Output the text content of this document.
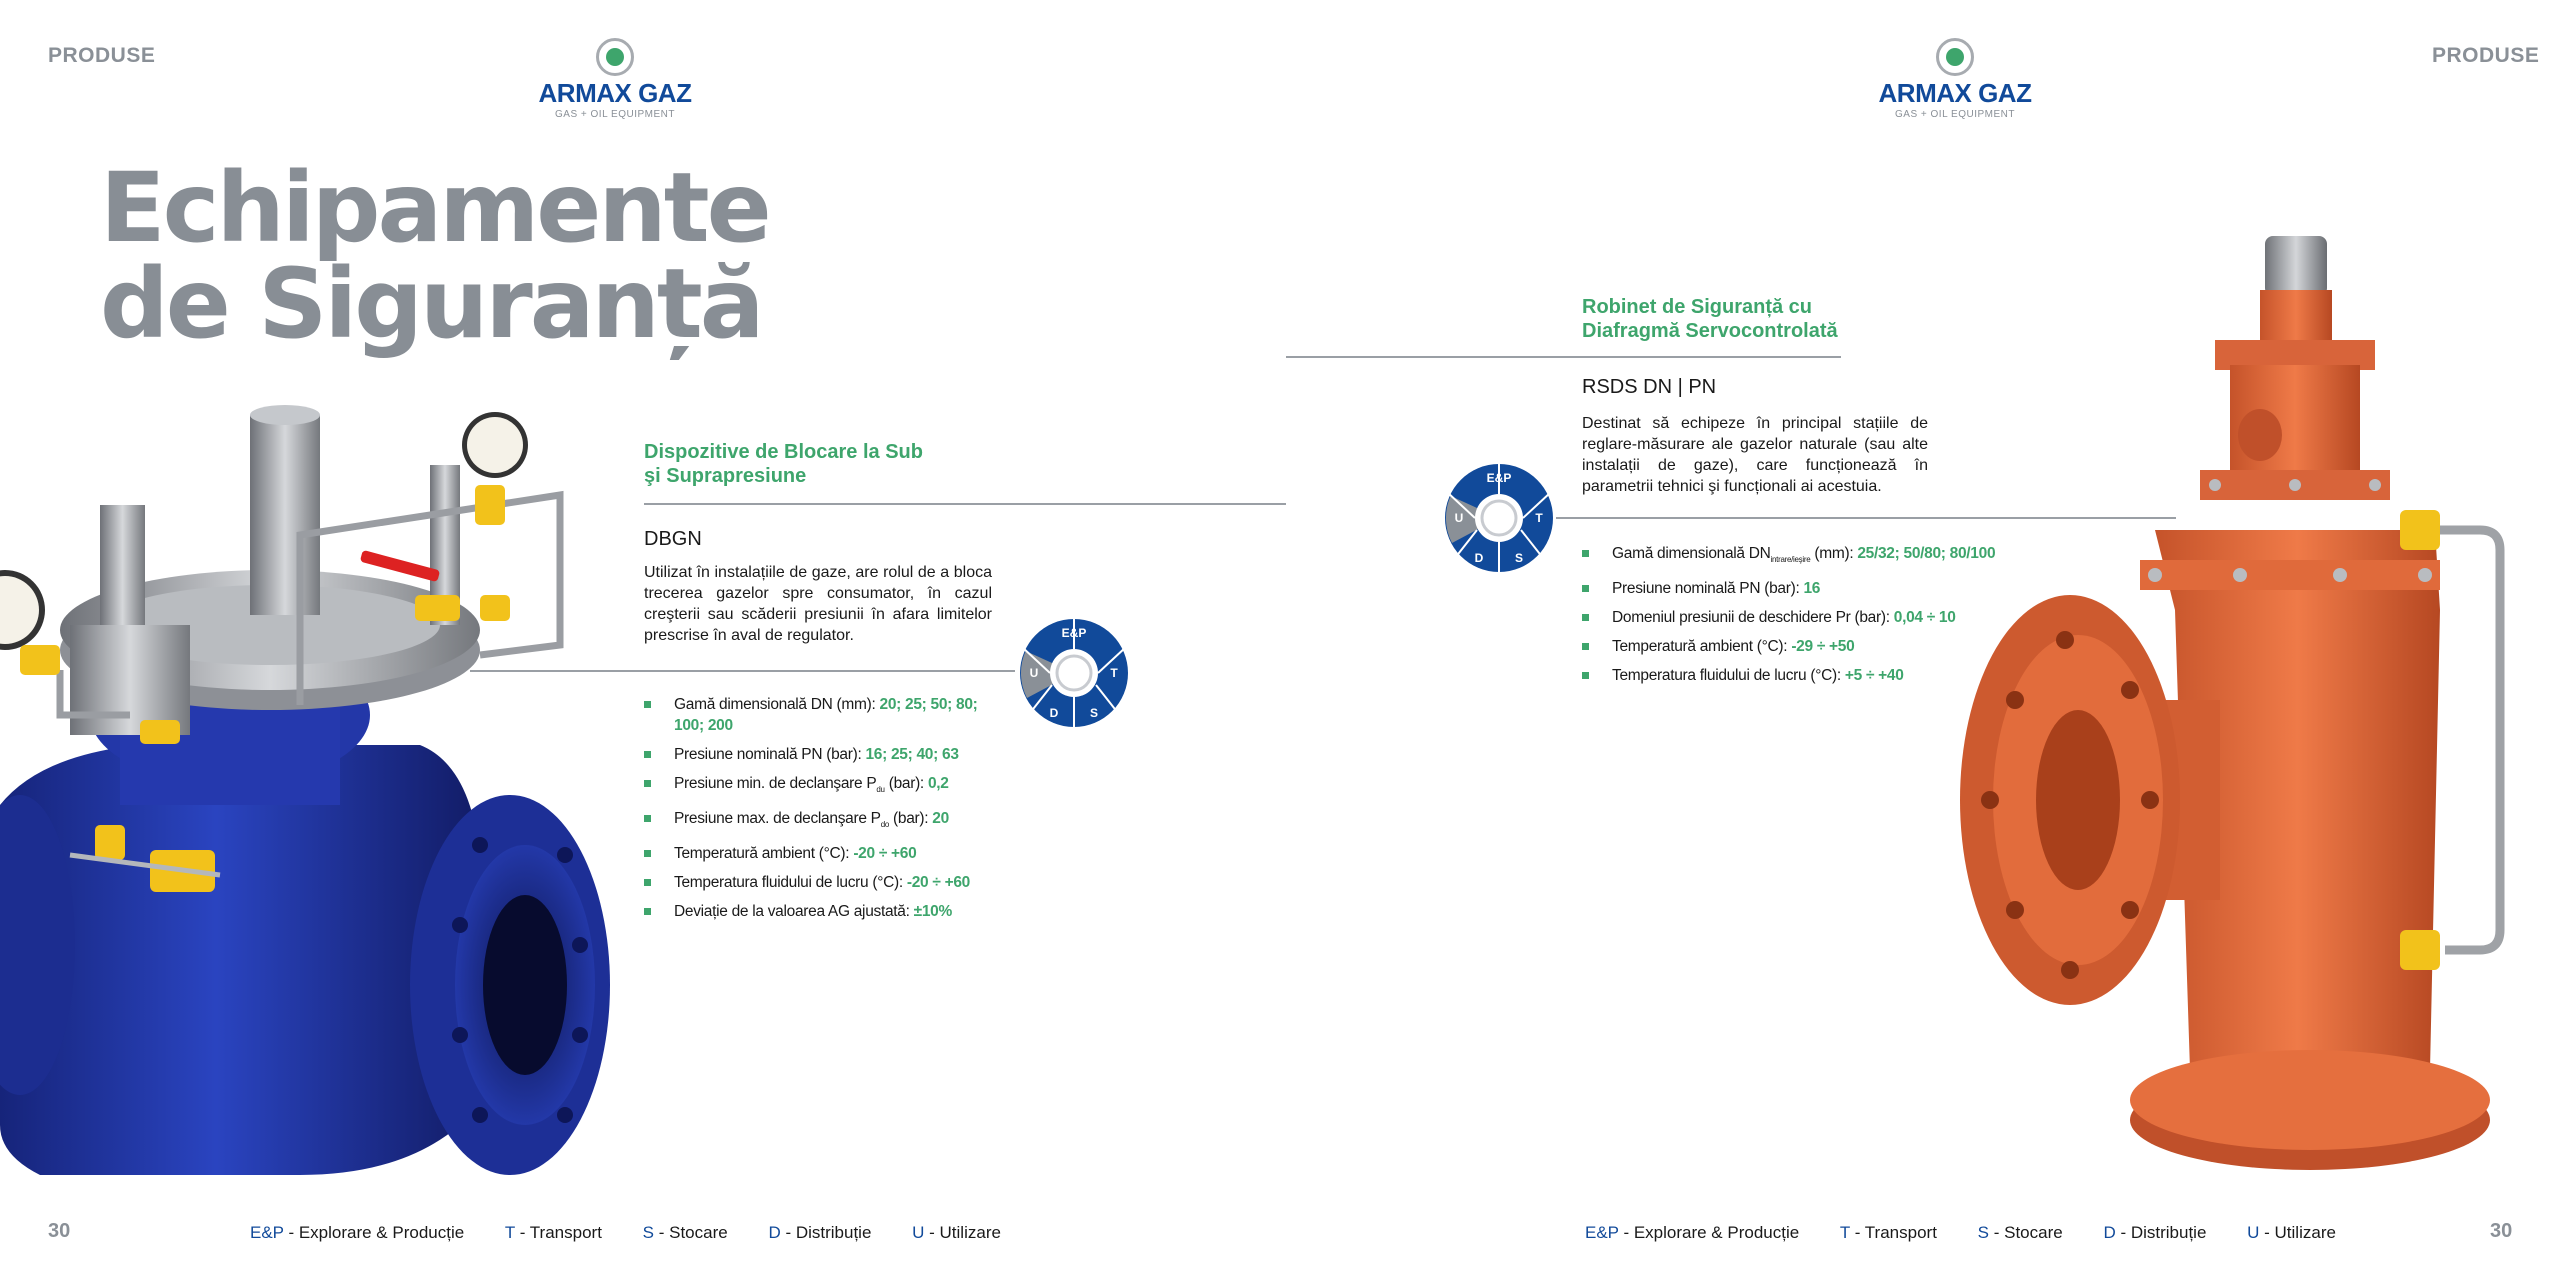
PRODUSE
ARMAX GAZ
GAS + OIL EQUIPMENT
Echipamente
de Siguranță
Dispozitive de Blocare la Sub
şi Suprapresiune
DBGN
Utilizat în instalațiile de gaze, are rolul de a bloca trecerea gazelor spre consumator, în cazul creşterii sau scăderii presiunii în afara limitelor prescrise în aval de regulator.	E&P
T
S
D
U
Gamă dimensională DN (mm): 20; 25; 50; 80; 100; 200
Presiune nominală PN (bar): 16; 25; 40; 63
Presiune min. de declanşare $P_{du}$ (bar): 0,2
Presiune max. de declanşare $P_{do}$ (bar): 20
Temperatură ambient (°C): -20 ÷ +60
Temperatura fluidului de lucru (°C): -20 ÷ +60
Deviație de la valoarea AG ajustată: ±10%
30	E&P - Explorare & Producție T - Transport S - Stocare D - Distribuție U - Utilizare
PRODUSE
ARMAX GAZ
GAS + OIL EQUIPMENT
Robinet de Siguranță cu
Diafragmă Servocontrolată
RSDS DN | PN
Destinat să echipeze în principal stațiile de reglare-măsurare ale gazelor naturale (sau alte instalații de gaze), care funcționează în parametrii tehnici şi funcționali ai acestuia.
E&P
T
S
D
U
Gamă dimensională $DN_{intrare/ieşire}$ (mm): 25/32; 50/80; 80/100
Presiune nominală PN (bar): 16
Domeniul presiunii de deschidere Pr (bar): 0,04 ÷ 10
Temperatură ambient (°C): -29 ÷ +50
Temperatura fluidului de lucru (°C): +5 ÷ +40
30
E&P - Explorare & Producție T - Transport S - Stocare D - Distribuție U - Utilizare
